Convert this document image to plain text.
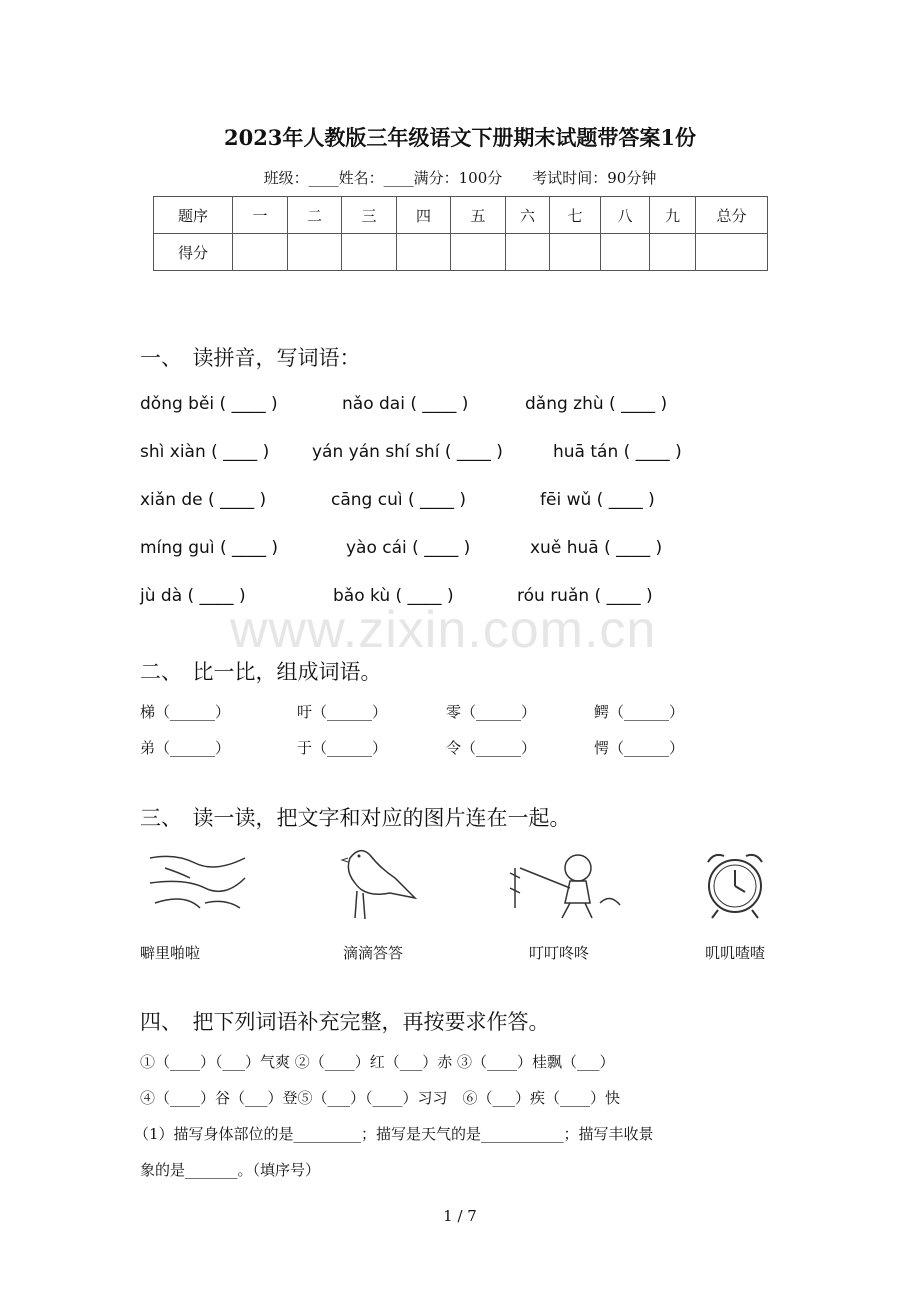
www.zixin.com.cn
2023年人教版三年级语文下册期末试题带答案1份
班级：____姓名：____满分：100分　　考试时间：90分钟
题序	一	二	三	四	五	六	七	八	九	总分
得分										
一、　读拼音，写词语：
dǒng běi ( ____ )	nǎo dai ( ____ )	dǎng zhù ( ____ )
shì xiàn ( ____ )	yán yán shí shí ( ____ )	huā tán ( ____ )
xiǎn de ( ____ )	cāng cuì ( ____ )	fēi wǔ ( ____ )
míng guì ( ____ )	yào cái ( ____ )	xuě huā ( ____ )
jù dà ( ____ )	bǎo kù ( ____ )	róu ruǎn ( ____ )
二、　比一比，组成词语。
梯（______）	吁（______）	零（______）	鳄（______）
弟（______）	于（______）	令（______）	愕（______）
三、　读一读，把文字和对应的图片连在一起。
噼里啪啦	滴滴答答	叮叮咚咚	叽叽喳喳
四、　把下列词语补充完整，再按要求作答。
①（____）（___）气爽 ②（____）红（___）赤 ③（____）桂飘（___）
④（____）谷（___）登⑤（___）（____）习习　⑥（___）疾（____）快
（1）描写身体部位的是_________；描写是天气的是___________；描写丰收景
象的是_______。（填序号）
1 / 7
